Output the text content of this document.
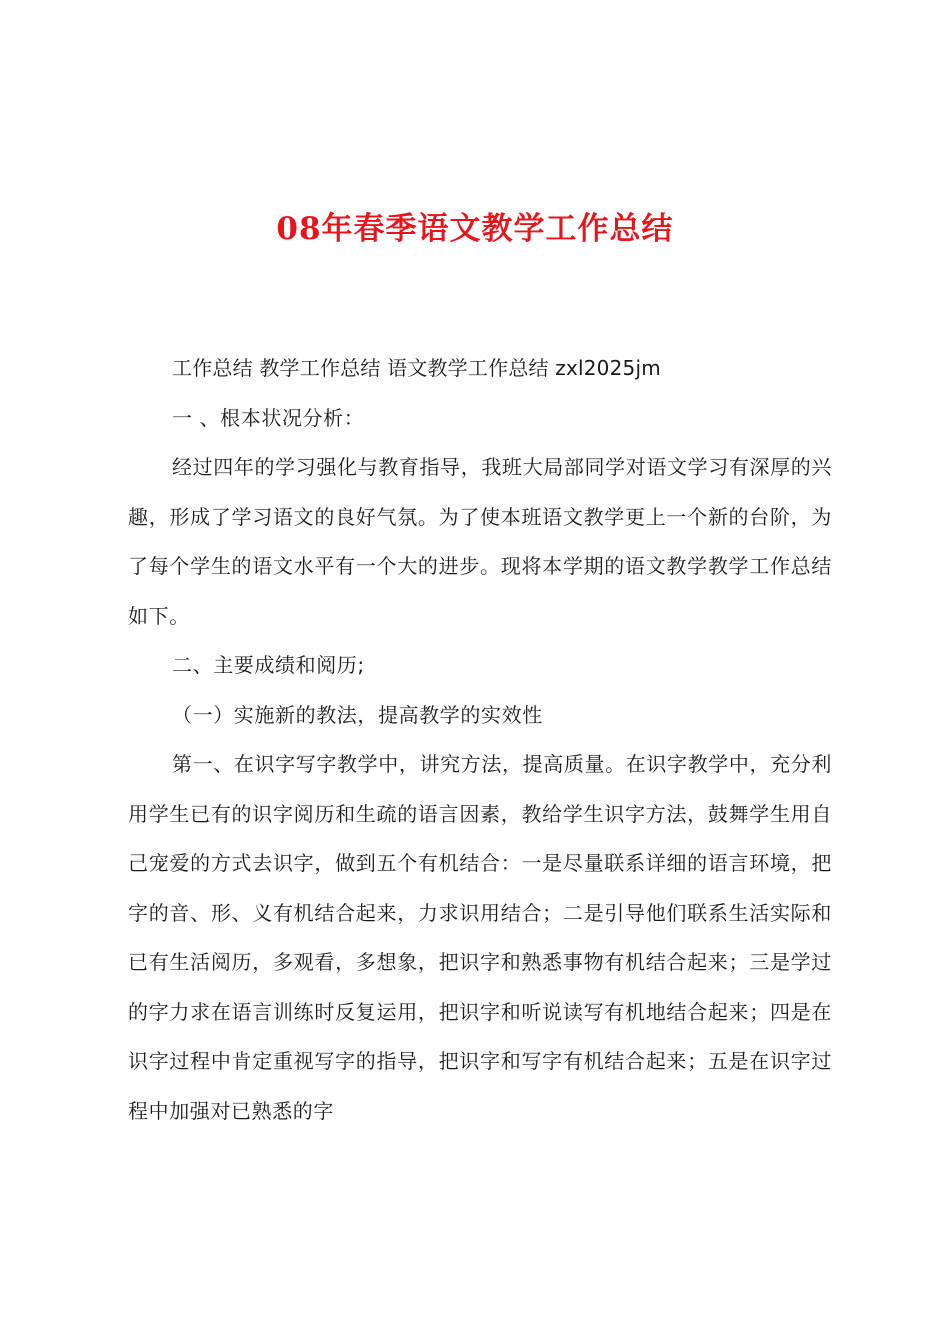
08年春季语文教学工作总结

工作总结 教学工作总结 语文教学工作总结 zxl2025jm

一 、根本状况分析：

经过四年的学习强化与教育指导，我班大局部同学对语文学习有深厚的兴趣，形成了学习语文的良好气氛。为了使本班语文教学更上一个新的台阶，为了每个学生的语文水平有一个大的进步。现将本学期的语文教学教学工作总结如下。

二、主要成绩和阅历;

（一）实施新的教法，提高教学的实效性

第一、在识字写字教学中，讲究方法，提高质量。在识字教学中，充分利用学生已有的识字阅历和生疏的语言因素，教给学生识字方法，鼓舞学生用自己宠爱的方式去识字，做到五个有机结合：一是尽量联系详细的语言环境，把字的音、形、义有机结合起来，力求识用结合；二是引导他们联系生活实际和已有生活阅历，多观看，多想象，把识字和熟悉事物有机结合起来；三是学过的字力求在语言训练时反复运用，把识字和听说读写有机地结合起来；四是在识字过程中肯定重视写字的指导，把识字和写字有机结合起来；五是在识字过程中加强对已熟悉的字
